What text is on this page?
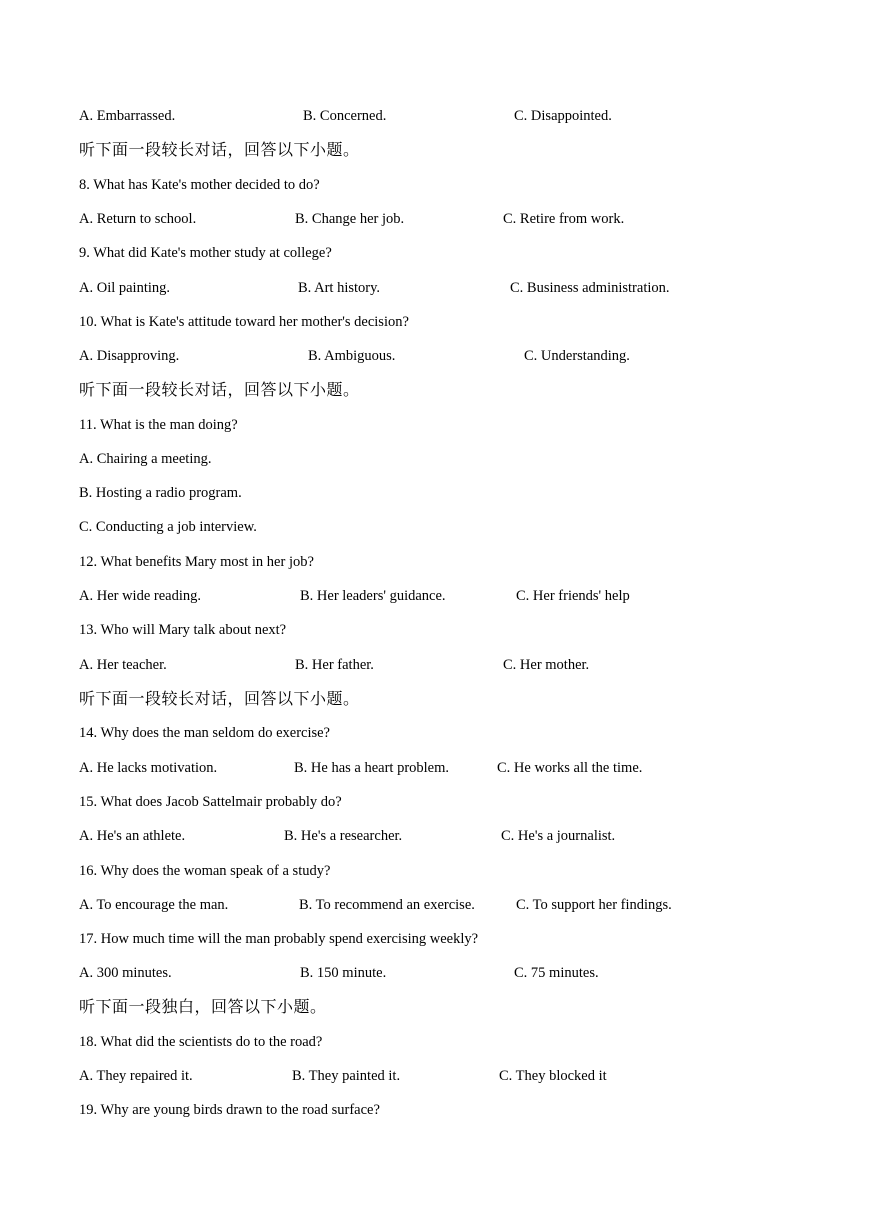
A. Embarrassed.	B. Concerned.	C. Disappointed.
听下面一段较长对话，回答以下小题。
8. What has Kate's mother decided to do?
A. Return to school.	B. Change her job.	C. Retire from work.
9. What did Kate's mother study at college?
A. Oil painting.	B. Art history.	C. Business administration.
10. What is Kate's attitude toward her mother's decision?
A. Disapproving.	B. Ambiguous.	C. Understanding.
听下面一段较长对话，回答以下小题。
11. What is the man doing?
A. Chairing a meeting.
B. Hosting a radio program.
C. Conducting a job interview.
12. What benefits Mary most in her job?
A. Her wide reading.	B. Her leaders' guidance.	C. Her friends' help
13. Who will Mary talk about next?
A. Her teacher.	B. Her father.	C. Her mother.
听下面一段较长对话，回答以下小题。
14. Why does the man seldom do exercise?
A. He lacks motivation.	B. He has a heart problem.	C. He works all the time.
15. What does Jacob Sattelmair probably do?
A. He's an athlete.	B. He's a researcher.	C. He's a journalist.
16. Why does the woman speak of a study?
A. To encourage the man.	B. To recommend an exercise.	C. To support her findings.
17. How much time will the man probably spend exercising weekly?
A. 300 minutes.	B. 150 minute.	C. 75 minutes.
听下面一段独白，回答以下小题。
18. What did the scientists do to the road?
A. They repaired it.	B. They painted it.	C. They blocked it
19. Why are young birds drawn to the road surface?
